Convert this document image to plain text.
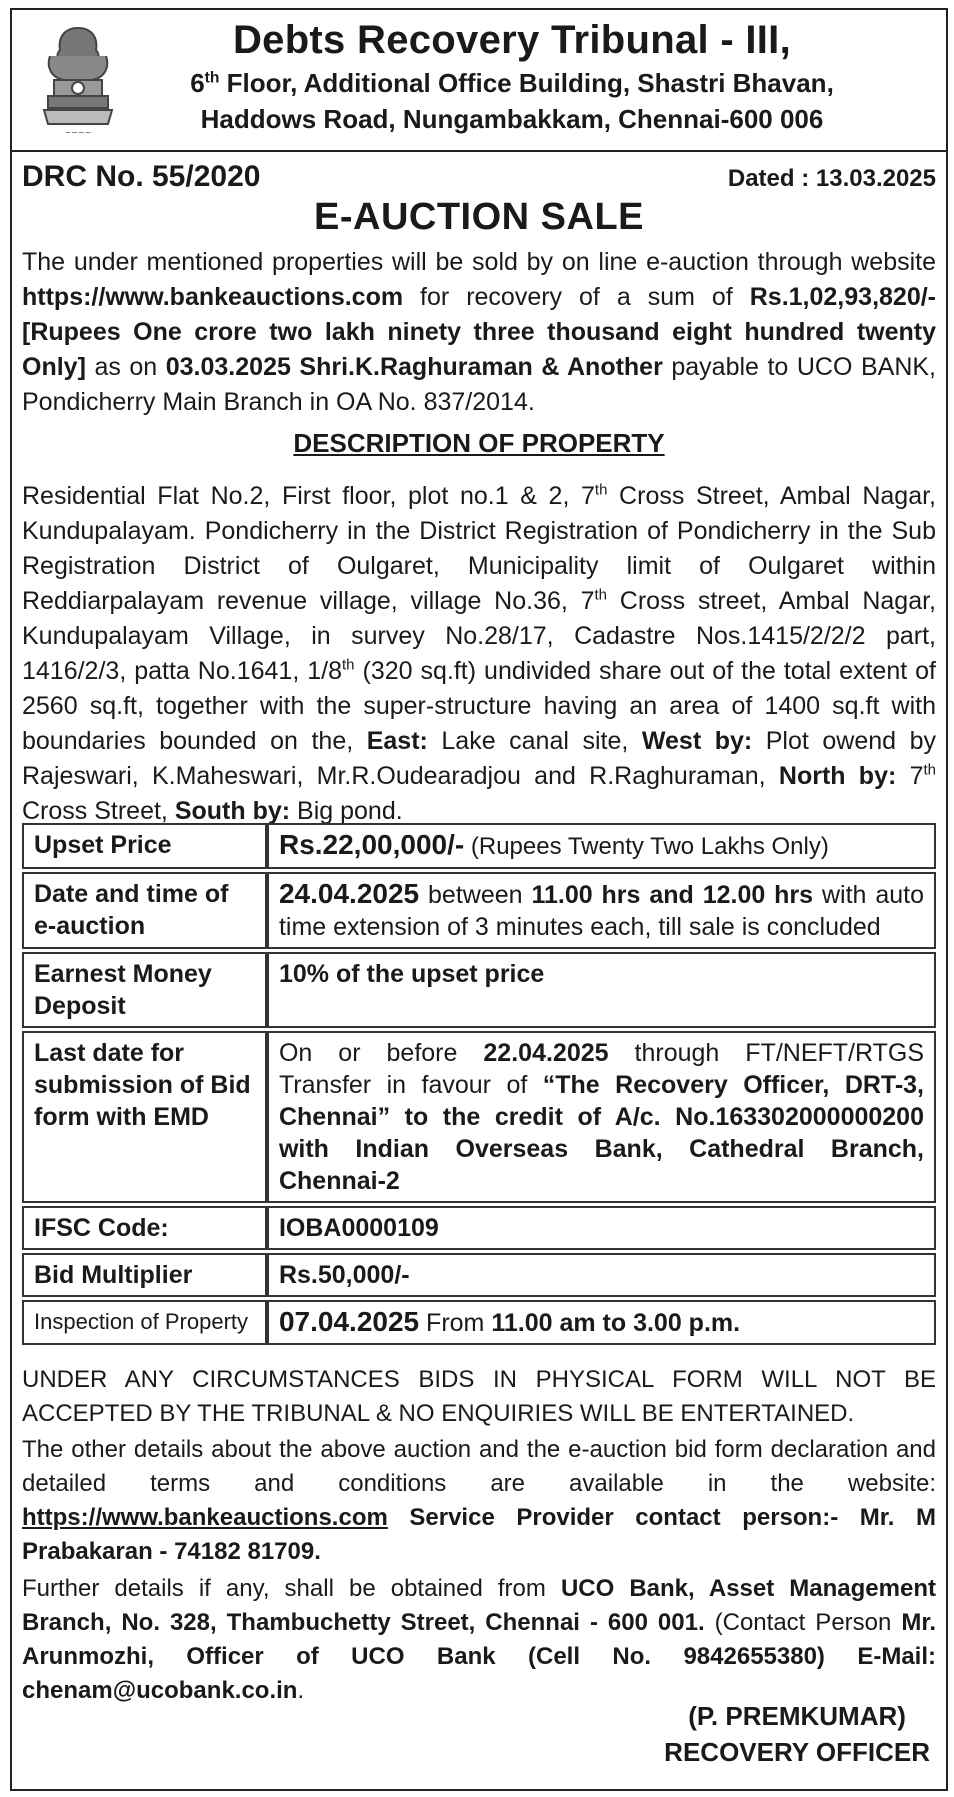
~~~~
Debts Recovery Tribunal - III,
6th Floor, Additional Office Building, Shastri Bhavan,
Haddows Road, Nungambakkam, Chennai-600 006
DRC No. 55/2020	Dated : 13.03.2025
E-AUCTION SALE
The under mentioned properties will be sold by on line e-auction through website https://www.bankeauctions.com for recovery of a sum of Rs.1,02,93,820/- [Rupees One crore two lakh ninety three thousand eight hundred twenty Only] as on 03.03.2025 Shri.K.Raghuraman & Another payable to UCO BANK, Pondicherry Main Branch in OA No. 837/2014.
DESCRIPTION OF PROPERTY
Residential Flat No.2, First floor, plot no.1 & 2, 7th Cross Street, Ambal Nagar, Kundupalayam. Pondicherry in the District Registration of Pondicherry in the Sub Registration District of Oulgaret, Municipality limit of Oulgaret within Reddiarpalayam revenue village, village No.36, 7th Cross street, Ambal Nagar, Kundupalayam Village, in survey No.28/17, Cadastre Nos.1415/2/2/2 part, 1416/2/3, patta No.1641, 1/8th (320 sq.ft) undivided share out of the total extent of 2560 sq.ft, together with the super-structure having an area of 1400 sq.ft with boundaries bounded on the, East: Lake canal site, West by: Plot owend by Rajeswari, K.Maheswari, Mr.R.Oudearadjou and R.Raghuraman, North by: 7th Cross Street, South by: Big pond.
Upset Price	Rs.22,00,000/- (Rupees Twenty Two Lakhs Only)
Date and time of e-auction	24.04.2025 between 11.00 hrs and 12.00 hrs with auto time extension of 3 minutes each, till sale is concluded
Earnest Money Deposit	10% of the upset price
Last date for submission of Bid form with EMD	On or before 22.04.2025 through FT/NEFT/RTGS Transfer in favour of “The Recovery Officer, DRT-3, Chennai” to the credit of A/c. No.163302000000200 with Indian Overseas Bank, Cathedral Branch, Chennai-2
IFSC Code:	IOBA0000109
Bid Multiplier	Rs.50,000/-
Inspection of Property	07.04.2025 From 11.00 am to 3.00 p.m.
UNDER ANY CIRCUMSTANCES BIDS IN PHYSICAL FORM WILL NOT BE ACCEPTED BY THE TRIBUNAL & NO ENQUIRIES WILL BE ENTERTAINED.
The other details about the above auction and the e-auction bid form declaration and detailed terms and conditions are available in the website: https://www.bankeauctions.com Service Provider contact person:- Mr. M Prabakaran - 74182 81709.
Further details if any, shall be obtained from UCO Bank, Asset Management Branch, No. 328, Thambuchetty Street, Chennai - 600 001. (Contact Person Mr. Arunmozhi, Officer of UCO Bank (Cell No. 9842655380) E-Mail: chenam@ucobank.co.in.
(P. PREMKUMAR)
RECOVERY OFFICER
